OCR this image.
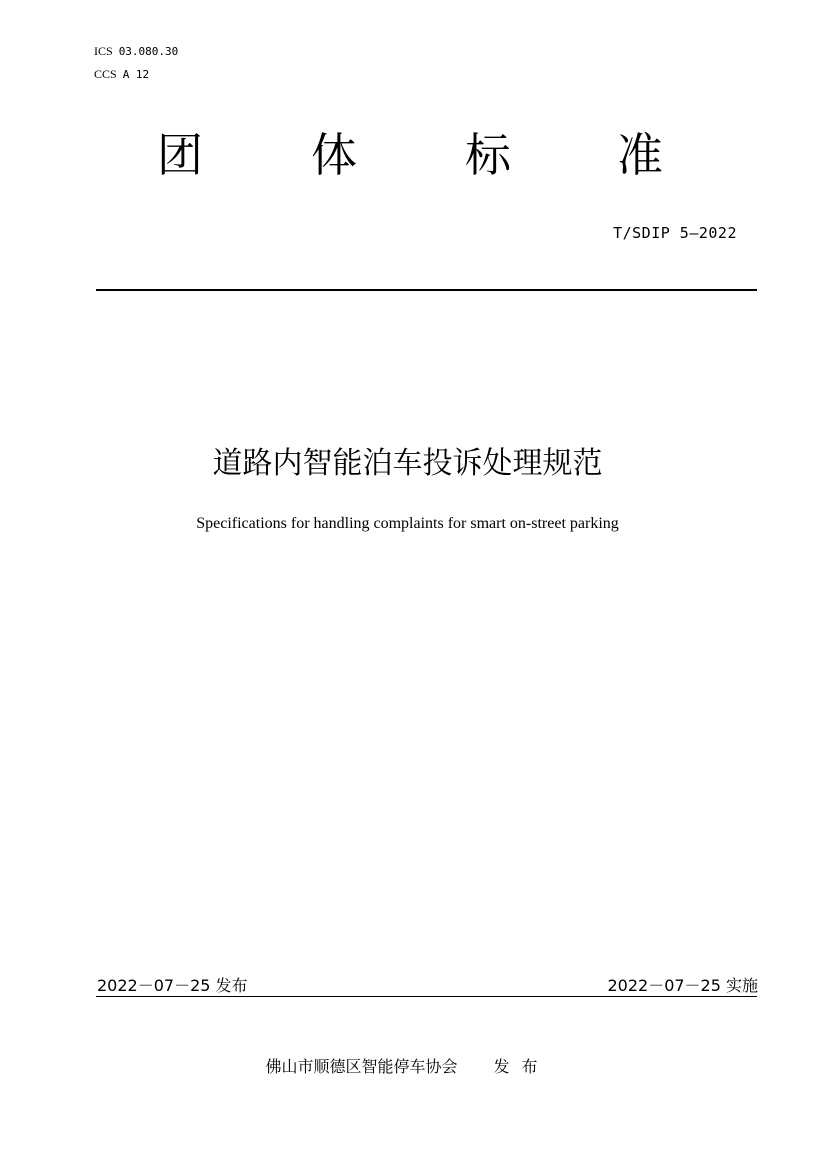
ICS 03.080.30
CCS A 12
团 体 标 准
T/SDIP 5—2022
道路内智能泊车投诉处理规范
Specifications for handling complaints for smart on-street parking
2022－07－25 发布	2022－07－25 实施
佛山市顺德区智能停车协会 发布
